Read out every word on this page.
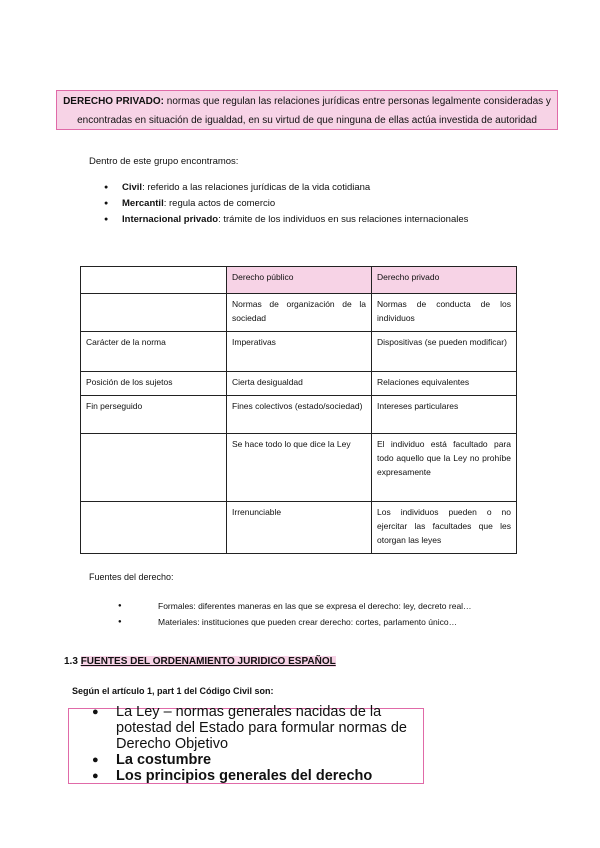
DERECHO PRIVADO: normas que regulan las relaciones jurídicas entre personas legalmente consideradas y
encontradas en situación de igualdad, en su virtud de que ninguna de ellas actúa investida de autoridad
Dentro de este grupo encontramos:
● Civil: referido a las relaciones jurídicas de la vida cotidiana
● Mercantil: regula actos de comercio
● Internacional privado: trámite de los individuos en sus relaciones internacionales
	Derecho público	Derecho privado
	Normas de organización de la sociedad	Normas de conducta de los individuos
Carácter de la norma	Imperativas	Dispositivas (se pueden modificar)
Posición de los sujetos	Cierta desigualdad	Relaciones equivalentes
Fin perseguido	Fines colectivos (estado/sociedad)	Intereses particulares
	Se hace todo lo que dice la Ley	El individuo está facultado para todo aquello que la Ley no prohíbe expresamente
	Irrenunciable	Los individuos pueden o no ejercitar las facultades que les otorgan las leyes
Fuentes del derecho:
● Formales: diferentes maneras en las que se expresa el derecho: ley, decreto real…
● Materiales: instituciones que pueden crear derecho: cortes, parlamento único…
1.3 FUENTES DEL ORDENAMIENTO JURIDICO ESPAÑOL
Según el artículo 1, part 1 del Código Civil son:
● La Ley – normas generales nacidas de la potestad del Estado para formular normas de Derecho Objetivo
● La costumbre
● Los principios generales del derecho
